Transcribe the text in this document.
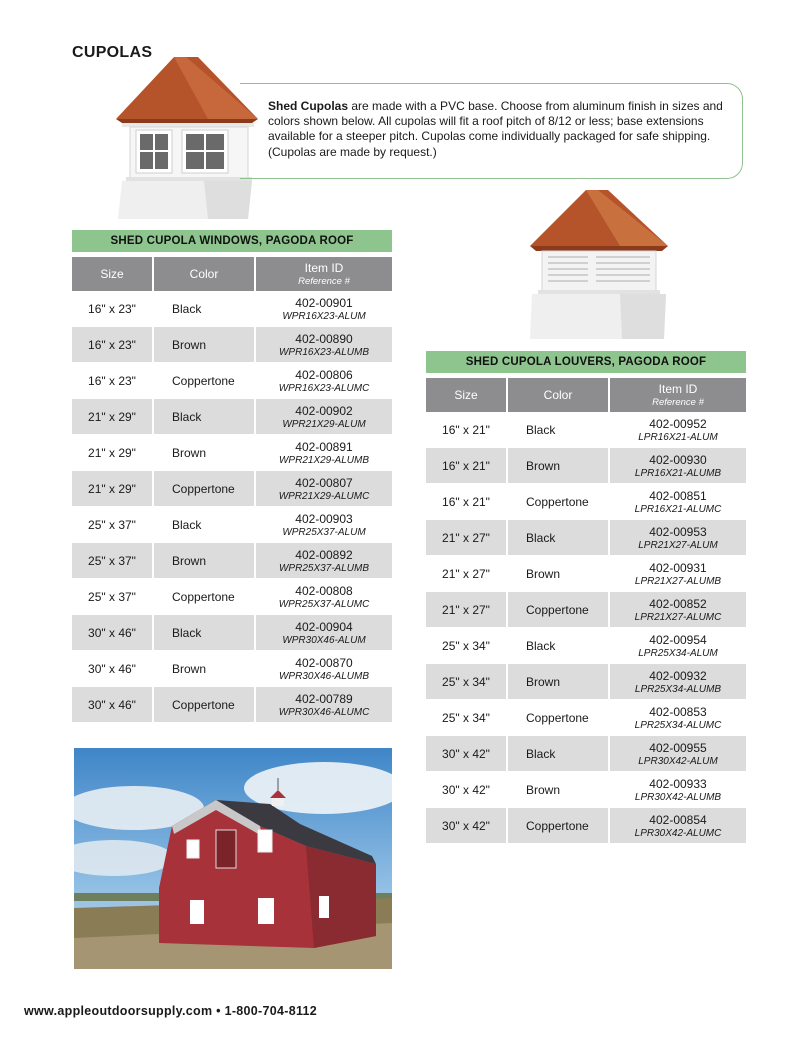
CUPOLAS
Shed Cupolas are made with a PVC base. Choose from aluminum finish in sizes and colors shown below. All cupolas will fit a roof pitch of 8/12 or less; base extensions available for a steeper pitch. Cupolas come individually packaged for safe shipping. (Cupolas are made by request.)
SHED CUPOLA WINDOWS, PAGODA ROOF
Size	Color	Item ID
Reference #
16" x 23"	Black	402-00901
WPR16X23-ALUM
16" x 23"	Brown	402-00890
WPR16X23-ALUMB
16" x 23"	Coppertone	402-00806
WPR16X23-ALUMC
21" x 29"	Black	402-00902
WPR21X29-ALUM
21" x 29"	Brown	402-00891
WPR21X29-ALUMB
21" x 29"	Coppertone	402-00807
WPR21X29-ALUMC
25" x 37"	Black	402-00903
WPR25X37-ALUM
25" x 37"	Brown	402-00892
WPR25X37-ALUMB
25" x 37"	Coppertone	402-00808
WPR25X37-ALUMC
30" x 46"	Black	402-00904
WPR30X46-ALUM
30" x 46"	Brown	402-00870
WPR30X46-ALUMB
30" x 46"	Coppertone	402-00789
WPR30X46-ALUMC
SHED CUPOLA LOUVERS, PAGODA ROOF
Size	Color	Item ID
Reference #
16" x 21"	Black	402-00952
LPR16X21-ALUM
16" x 21"	Brown	402-00930
LPR16X21-ALUMB
16" x 21"	Coppertone	402-00851
LPR16X21-ALUMC
21" x 27"	Black	402-00953
LPR21X27-ALUM
21" x 27"	Brown	402-00931
LPR21X27-ALUMB
21" x 27"	Coppertone	402-00852
LPR21X27-ALUMC
25" x 34"	Black	402-00954
LPR25X34-ALUM
25" x 34"	Brown	402-00932
LPR25X34-ALUMB
25" x 34"	Coppertone	402-00853
LPR25X34-ALUMC
30" x 42"	Black	402-00955
LPR30X42-ALUM
30" x 42"	Brown	402-00933
LPR30X42-ALUMB
30" x 42"	Coppertone	402-00854
LPR30X42-ALUMC
www.appleoutdoorsupply.com • 1-800-704-8112
